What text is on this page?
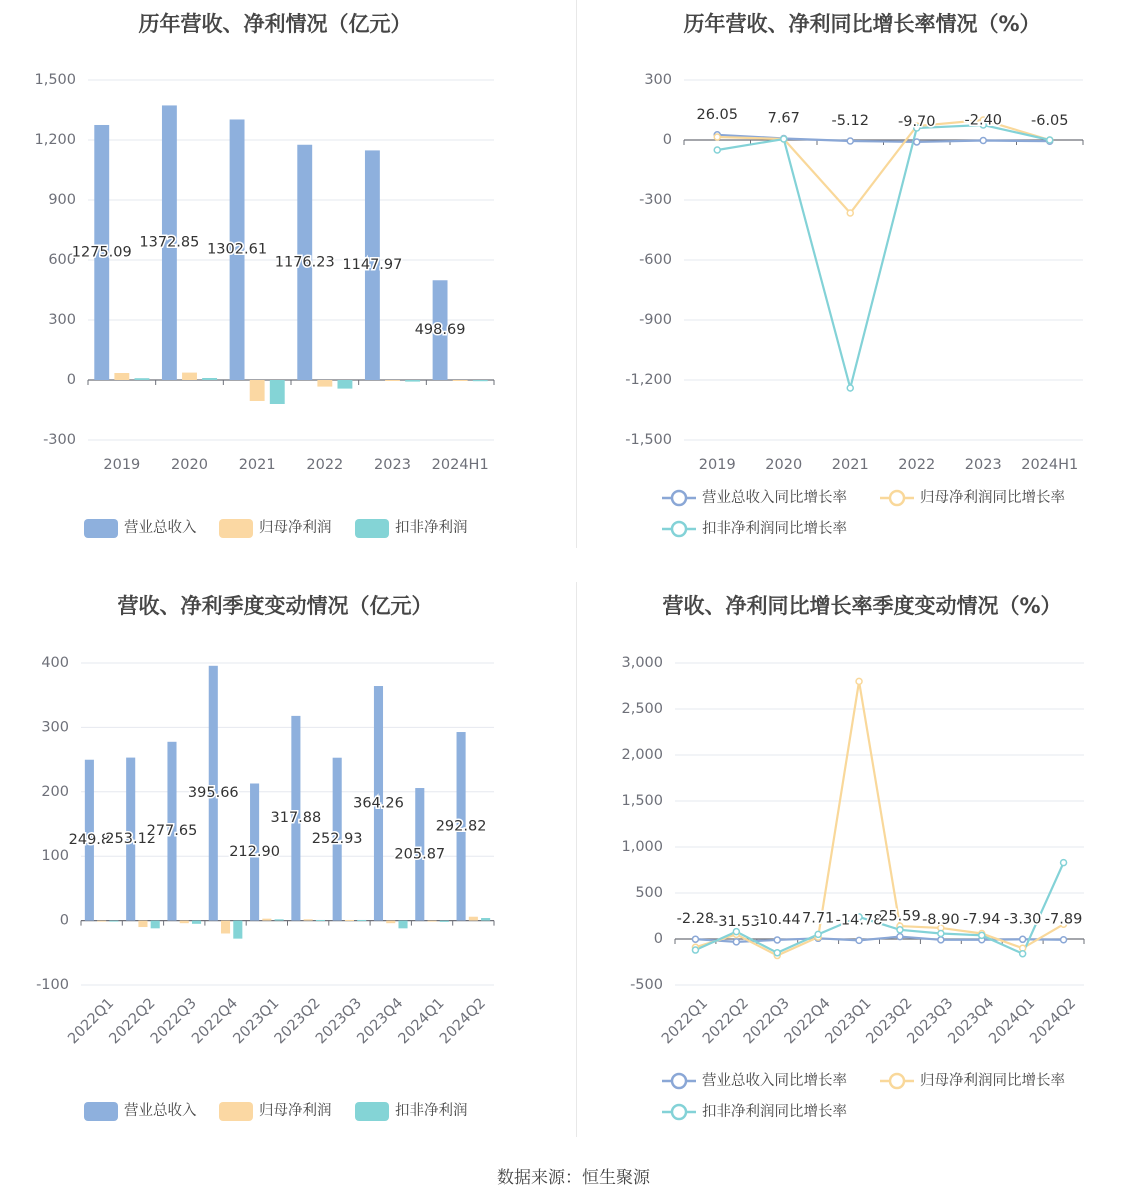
历年营收、净利情况（亿元）
-300
0
300
600
900
1,200
1,500
2019 2020 2021 2022 2023 2024H1
1275.09
1372.85 1302.61
1176.23 1147.97
498.69
营业总收入	归母净利润	扣非净利润
历年营收、净利同比增长率情况（%）
-1,500
-1,200
-900
-600
-300
0
300
2019 2020 2021 2022 2023 2024H1
26.05 7.67 -5.12 -9.70 -2.40 -6.05
营业总收入同比增长率	归母净利润同比增长率
扣非净利润同比增长率
营收、净利季度变动情况（亿元）
-100
0
100
200
300
400
2022Q1
2022Q2
2022Q3
2022Q4
2023Q1
2023Q2
2023Q3
2023Q4
2024Q1
2024Q2
249.8
253.12
277.65
395.66
212.90
317.88
252.93
364.26
205.87
292.82
营业总收入	归母净利润	扣非净利润
营收、净利同比增长率季度变动情况（%）
-500
0
500
1,000
1,500
2,000
2,500
3,000
2022Q1
2022Q2
2022Q3
2022Q4
2023Q1
2023Q2
2023Q3
2023Q4
2024Q1
2024Q2
-2.28
-31.53
-10.44 7.71 -14.78
25.59 -8.90 -7.94 -3.30 -7.89
营业总收入同比增长率	归母净利润同比增长率
扣非净利润同比增长率
数据来源：恒生聚源
